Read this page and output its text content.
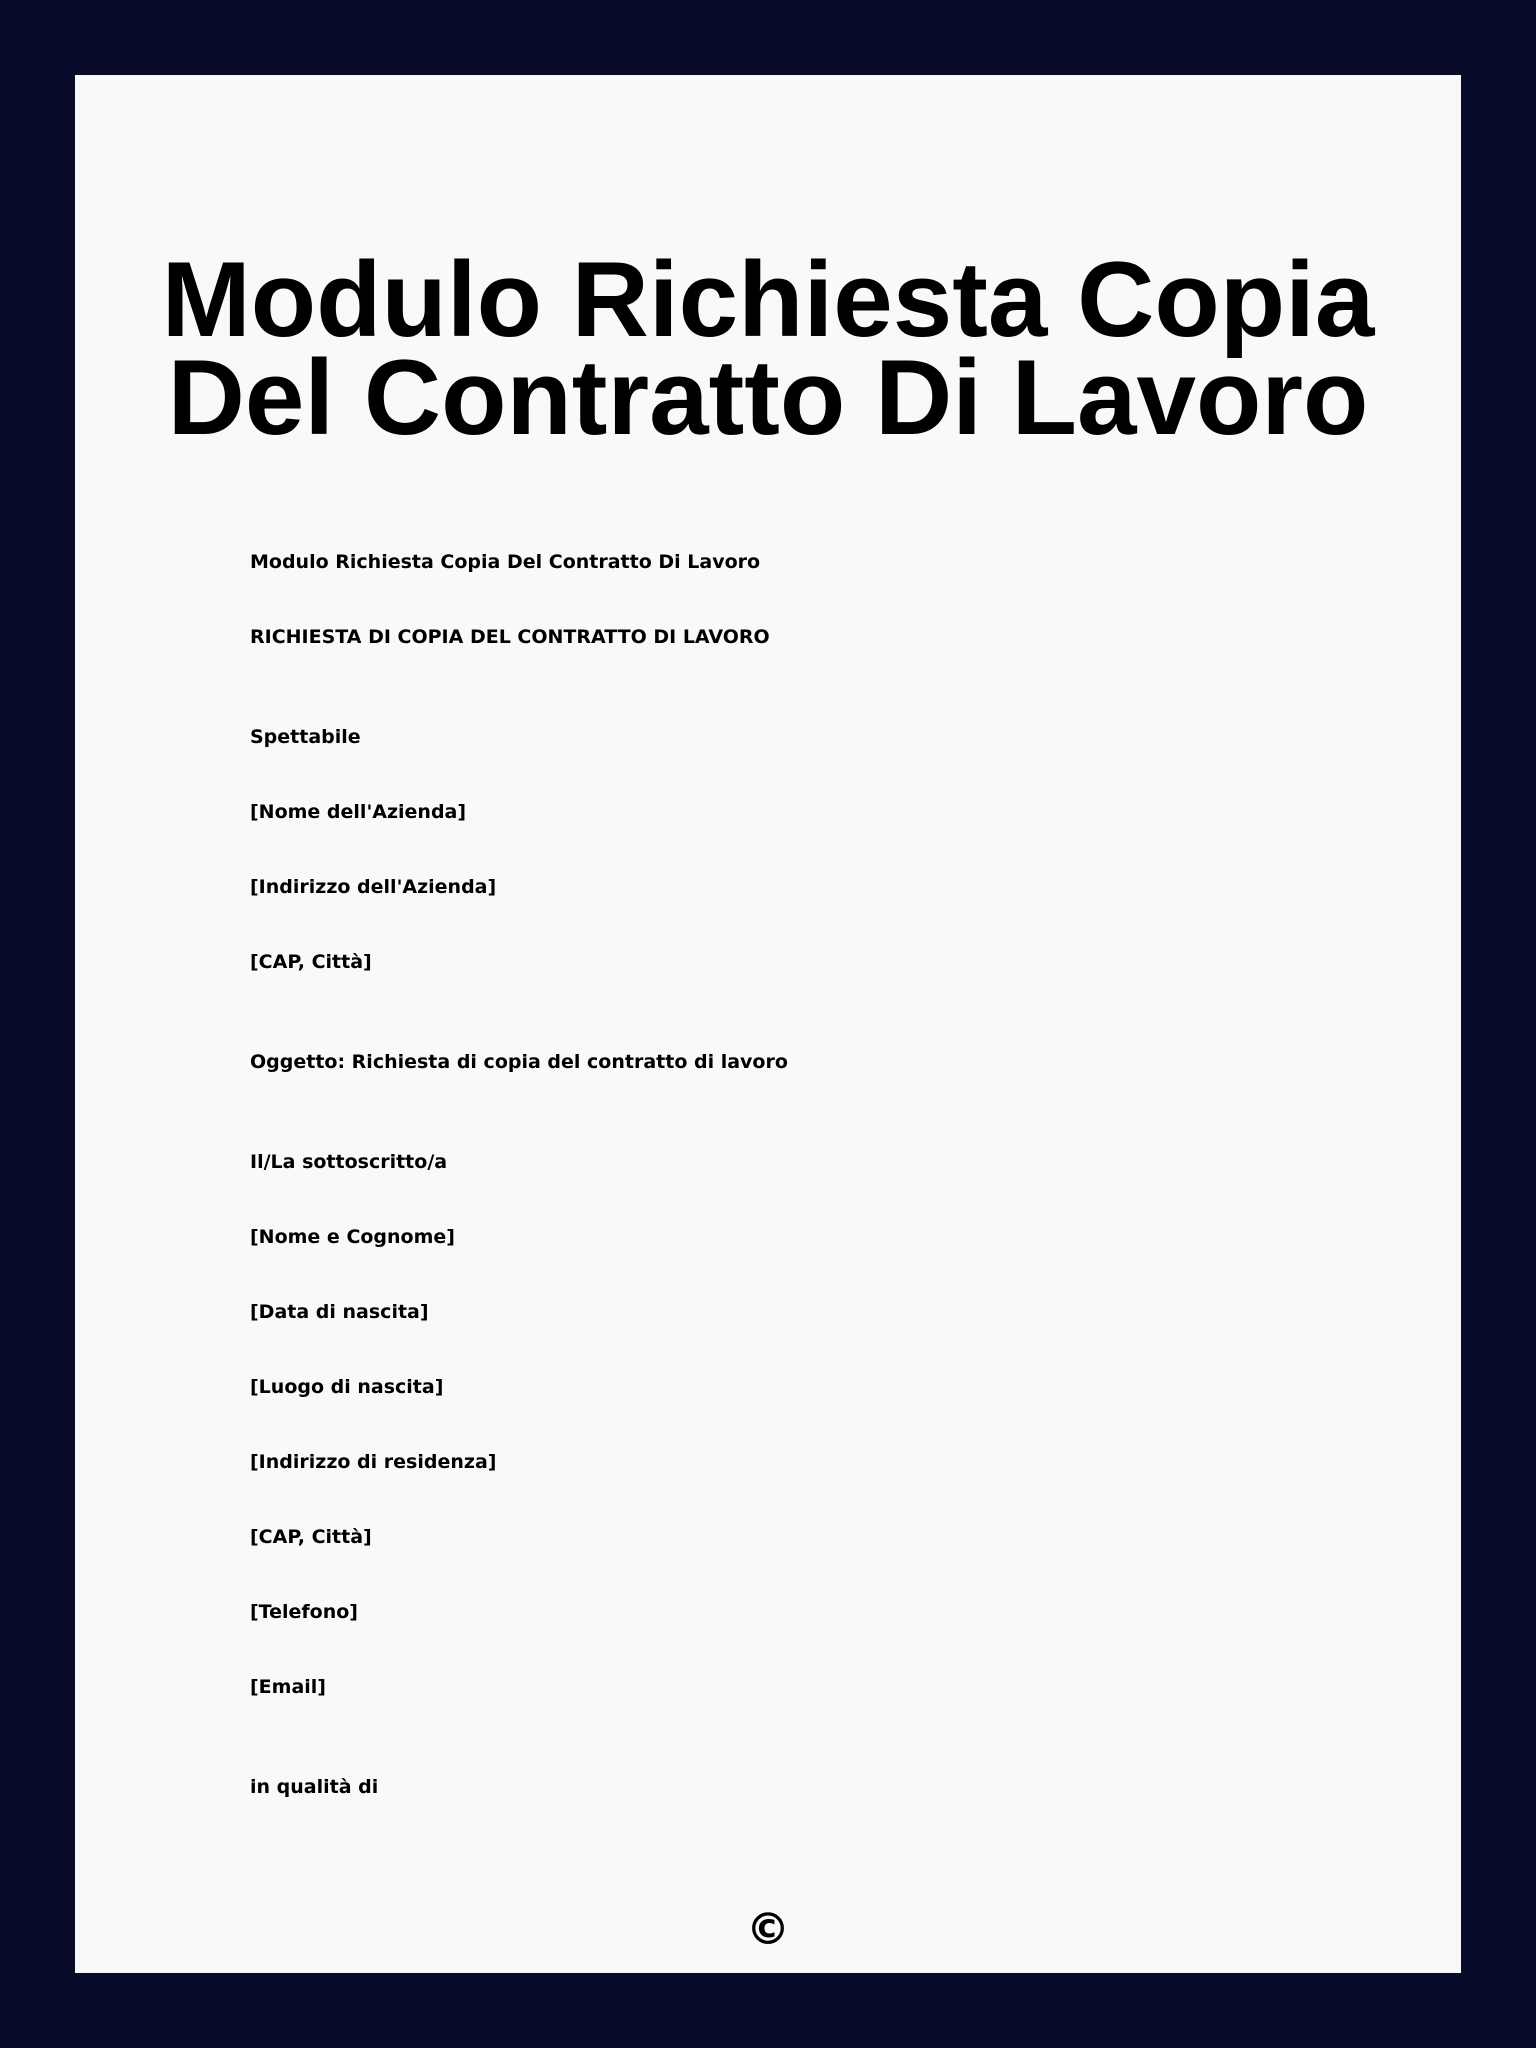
Modulo Richiesta Copia Del Contratto Di Lavoro

Modulo Richiesta Copia Del Contratto Di Lavoro

RICHIESTA DI COPIA DEL CONTRATTO DI LAVORO

Spettabile

[Nome dell'Azienda]

[Indirizzo dell'Azienda]

[CAP, Città]

Oggetto: Richiesta di copia del contratto di lavoro

Il/La sottoscritto/a

[Nome e Cognome]

[Data di nascita]

[Luogo di nascita]

[Indirizzo di residenza]

[CAP, Città]

[Telefono]

[Email]

in qualità di

©
